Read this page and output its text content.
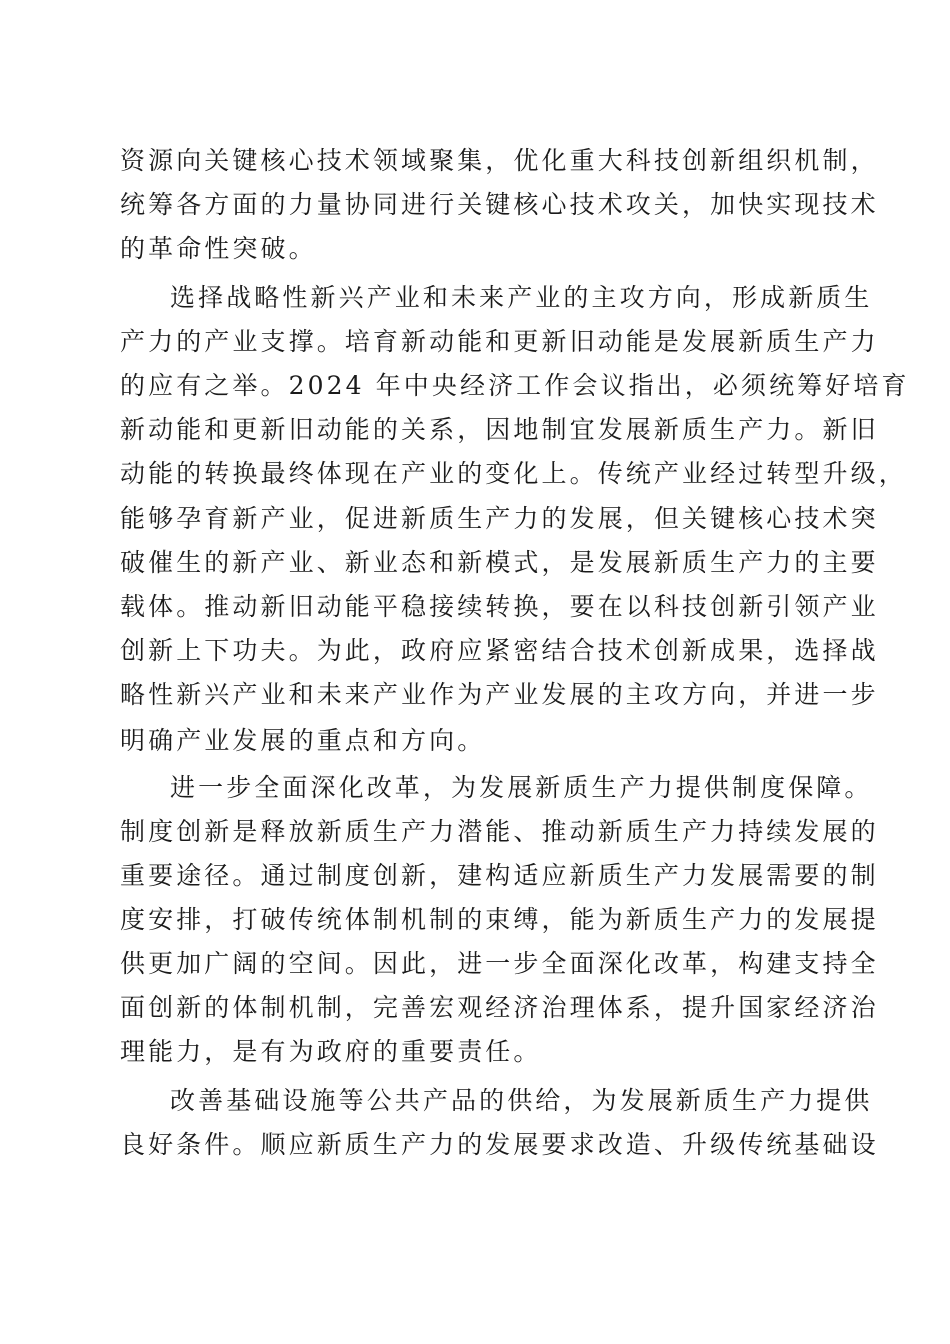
资源向关键核心技术领域聚集，优化重大科技创新组织机制，

统筹各方面的力量协同进行关键核心技术攻关，加快实现技术

的革命性突破。

选择战略性新兴产业和未来产业的主攻方向，形成新质生

产力的产业支撑。培育新动能和更新旧动能是发展新质生产力

的应有之举。2024 年中央经济工作会议指出，必须统筹好培育

新动能和更新旧动能的关系，因地制宜发展新质生产力。新旧

动能的转换最终体现在产业的变化上。传统产业经过转型升级，

能够孕育新产业，促进新质生产力的发展，但关键核心技术突

破催生的新产业、新业态和新模式，是发展新质生产力的主要

载体。推动新旧动能平稳接续转换，要在以科技创新引领产业

创新上下功夫。为此，政府应紧密结合技术创新成果，选择战

略性新兴产业和未来产业作为产业发展的主攻方向，并进一步

明确产业发展的重点和方向。

进一步全面深化改革，为发展新质生产力提供制度保障。

制度创新是释放新质生产力潜能、推动新质生产力持续发展的

重要途径。通过制度创新，建构适应新质生产力发展需要的制

度安排，打破传统体制机制的束缚，能为新质生产力的发展提

供更加广阔的空间。因此，进一步全面深化改革，构建支持全

面创新的体制机制，完善宏观经济治理体系，提升国家经济治

理能力，是有为政府的重要责任。

改善基础设施等公共产品的供给，为发展新质生产力提供

良好条件。顺应新质生产力的发展要求改造、升级传统基础设
